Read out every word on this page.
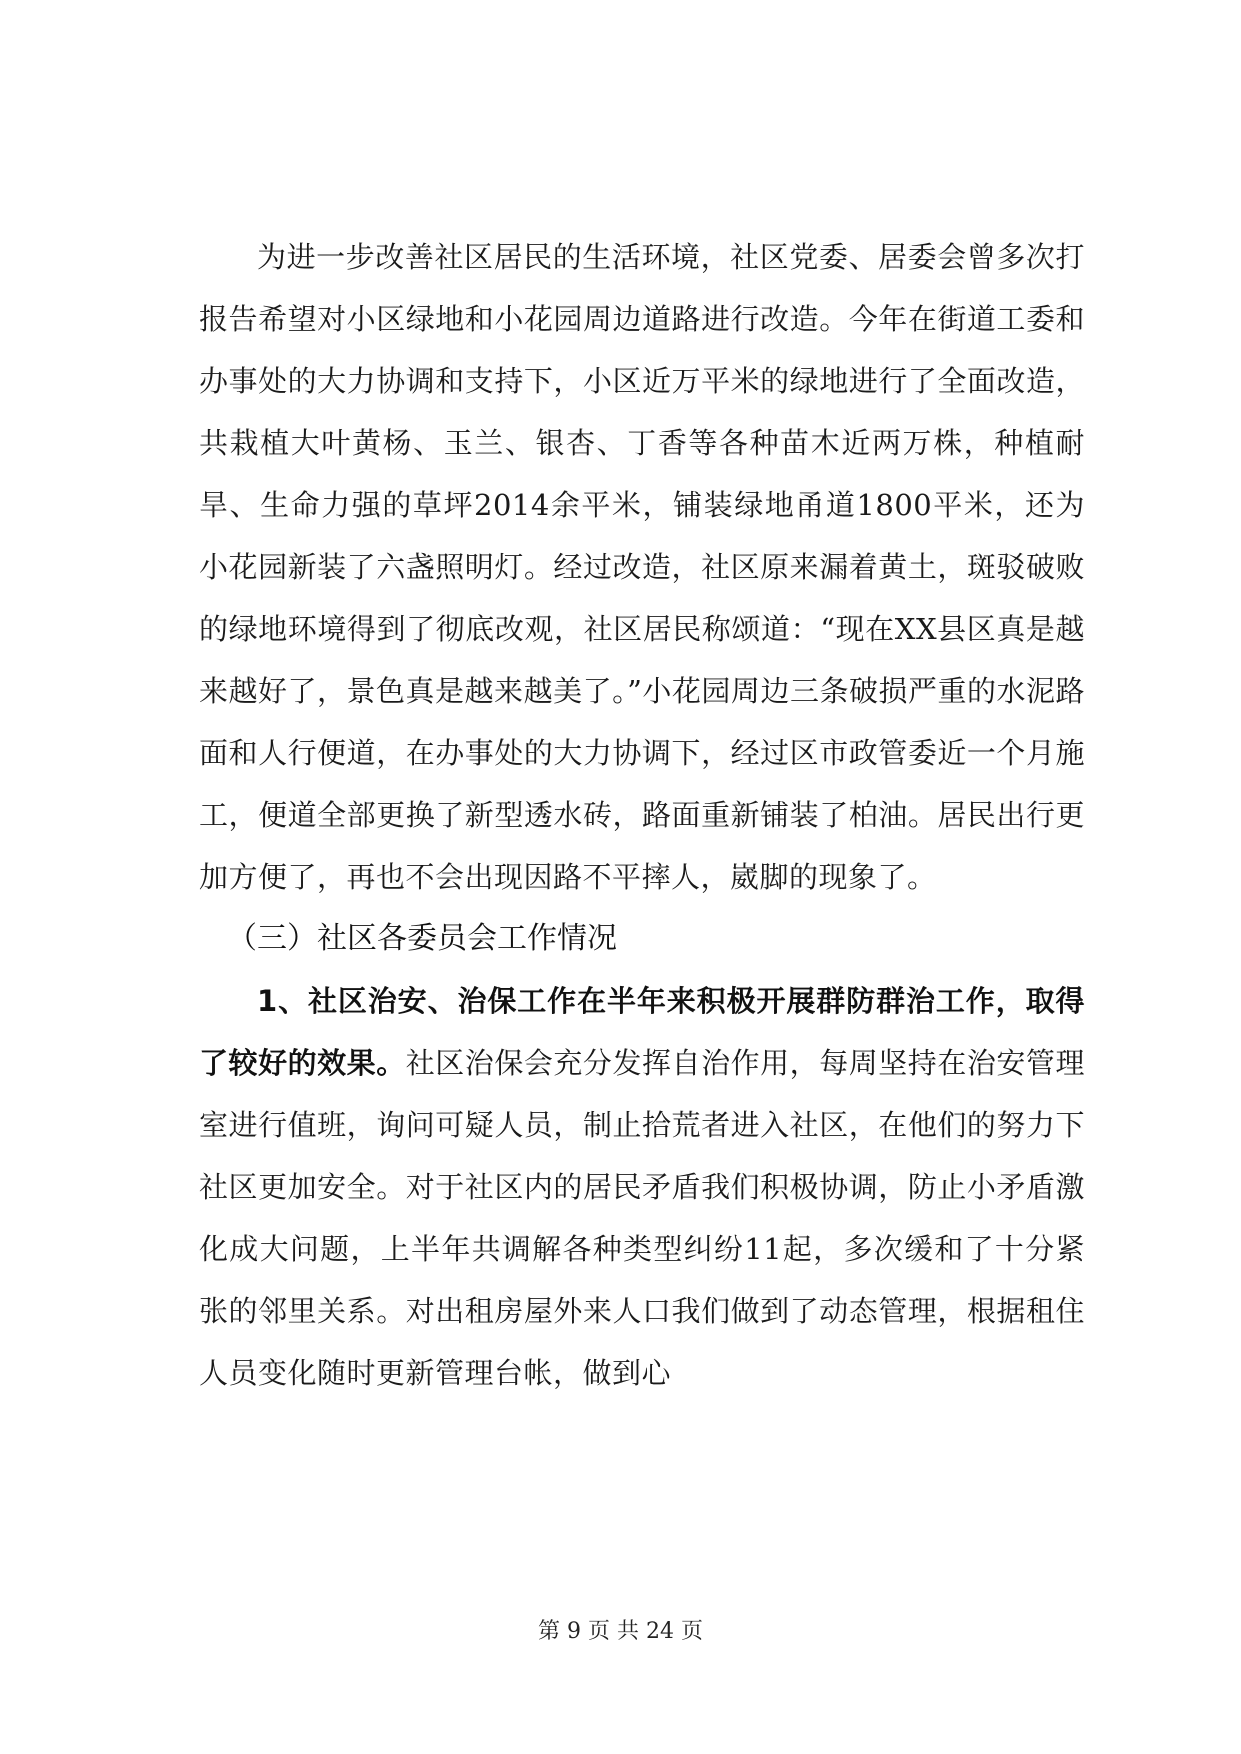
为进一步改善社区居民的生活环境，社区党委、居委会曾多次打报告希望对小区绿地和小花园周边道路进行改造。今年在街道工委和办事处的大力协调和支持下，小区近万平米的绿地进行了全面改造，共栽植大叶黄杨、玉兰、银杏、丁香等各种苗木近两万株，种植耐旱、生命力强的草坪2014余平米，铺装绿地甬道1800平米，还为小花园新装了六盏照明灯。经过改造，社区原来漏着黄土，斑驳破败的绿地环境得到了彻底改观，社区居民称颂道：“现在XX县区真是越来越好了，景色真是越来越美了。”小花园周边三条破损严重的水泥路面和人行便道，在办事处的大力协调下，经过区市政管委近一个月施工，便道全部更换了新型透水砖，路面重新铺装了柏油。居民出行更加方便了，再也不会出现因路不平摔人，崴脚的现象了。

（三）社区各委员会工作情况

1、社区治安、治保工作在半年来积极开展群防群治工作，取得了较好的效果。社区治保会充分发挥自治作用，每周坚持在治安管理室进行值班，询问可疑人员，制止拾荒者进入社区，在他们的努力下社区更加安全。对于社区内的居民矛盾我们积极协调，防止小矛盾激化成大问题，上半年共调解各种类型纠纷11起，多次缓和了十分紧张的邻里关系。对出租房屋外来人口我们做到了动态管理，根据租住人员变化随时更新管理台帐，做到心

第 9 页 共 24 页
